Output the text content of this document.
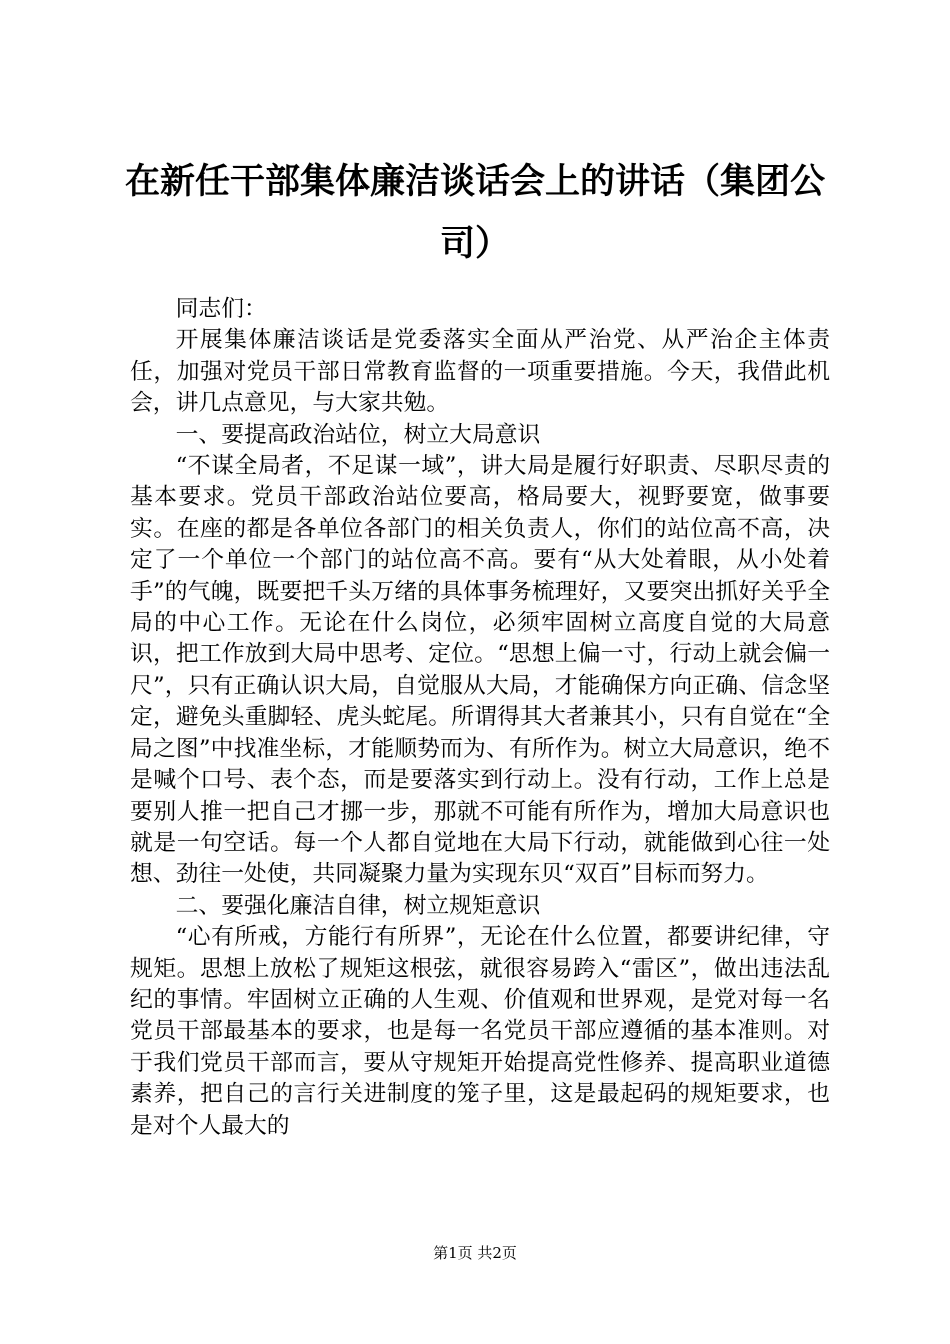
在新任干部集体廉洁谈话会上的讲话（集团公
司）

同志们：

开展集体廉洁谈话是党委落实全面从严治党、从严治企主体责任，加强对党员干部日常教育监督的一项重要措施。今天，我借此机会，讲几点意见，与大家共勉。

一、要提高政治站位，树立大局意识

“不谋全局者，不足谋一域”，讲大局是履行好职责、尽职尽责的基本要求。党员干部政治站位要高，格局要大，视野要宽，做事要实。在座的都是各单位各部门的相关负责人，你们的站位高不高，决定了一个单位一个部门的站位高不高。要有“从大处着眼，从小处着手”的气魄，既要把千头万绪的具体事务梳理好，又要突出抓好关乎全局的中心工作。无论在什么岗位，必须牢固树立高度自觉的大局意识，把工作放到大局中思考、定位。“思想上偏一寸，行动上就会偏一尺”，只有正确认识大局，自觉服从大局，才能确保方向正确、信念坚定，避免头重脚轻、虎头蛇尾。所谓得其大者兼其小，只有自觉在“全局之图”中找准坐标，才能顺势而为、有所作为。树立大局意识，绝不是喊个口号、表个态，而是要落实到行动上。没有行动，工作上总是要别人推一把自己才挪一步，那就不可能有所作为，增加大局意识也就是一句空话。每一个人都自觉地在大局下行动，就能做到心往一处想、劲往一处使，共同凝聚力量为实现东贝“双百”目标而努力。

二、要强化廉洁自律，树立规矩意识

“心有所戒，方能行有所界”，无论在什么位置，都要讲纪律，守规矩。思想上放松了规矩这根弦，就很容易跨入“雷区”，做出违法乱纪的事情。牢固树立正确的人生观、价值观和世界观，是党对每一名党员干部最基本的要求，也是每一名党员干部应遵循的基本准则。对于我们党员干部而言，要从守规矩开始提高党性修养、提高职业道德素养，把自己的言行关进制度的笼子里，这是最起码的规矩要求，也是对个人最大的

第1页 共2页
